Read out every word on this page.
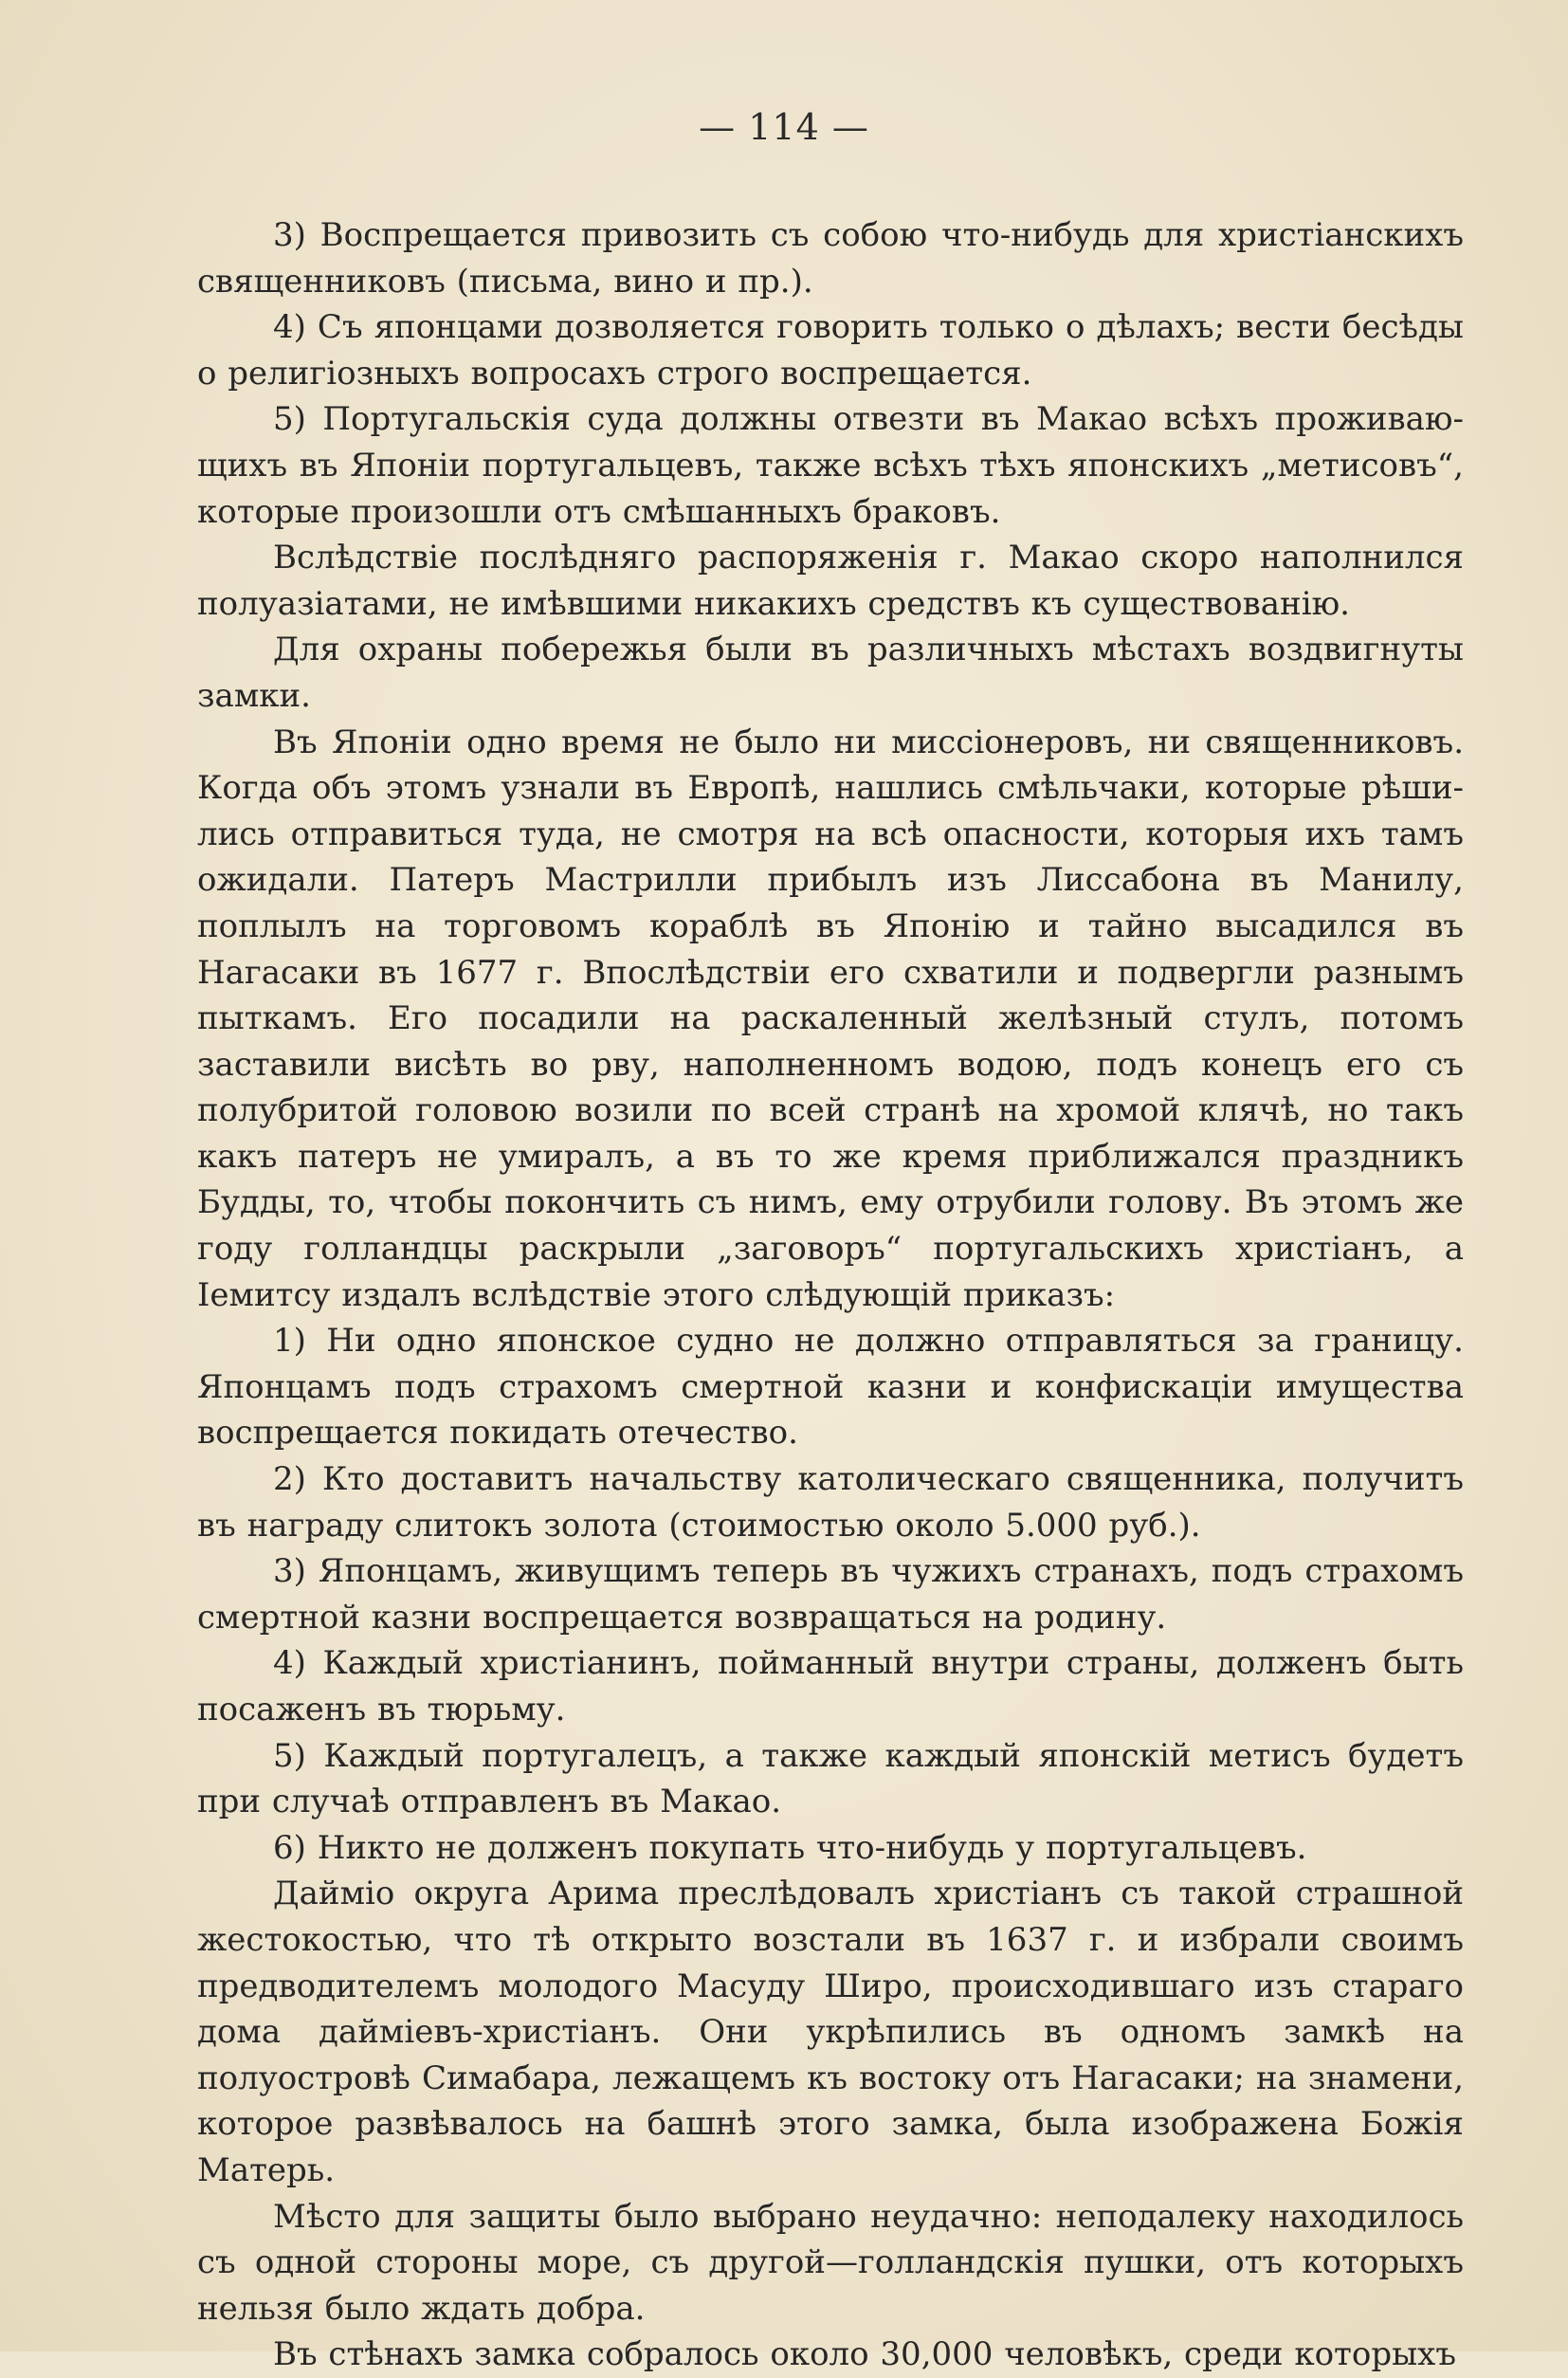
— 114 —

3) Воспрещается привозить съ собою что-нибудь для христіанскихъ священниковъ (письма, вино и пр.).

4) Съ японцами дозволяется говорить только о дѣлахъ; вести бесѣды о религіозныхъ вопросахъ строго воспрещается.

5) Португальскія суда должны отвезти въ Макао всѣхъ проживающихъ въ Японіи португальцевъ, также всѣхъ тѣхъ японскихъ „метисовъ“, которые произошли отъ смѣшанныхъ браковъ.

Вслѣдствіе послѣдняго распоряженія г. Макао скоро наполнился полуазіатами, не имѣвшими никакихъ средствъ къ существованію.

Для охраны побережья были въ различныхъ мѣстахъ воздвигнуты замки.

Въ Японіи одно время не было ни миссіонеровъ, ни священниковъ. Когда объ этомъ узнали въ Европѣ, нашлись смѣльчаки, которые рѣшились отправиться туда, не смотря на всѣ опасности, которыя ихъ тамъ ожидали. Патеръ Мастрилли прибылъ изъ Лиссабона въ Манилу, поплылъ на торговомъ кораблѣ въ Японію и тайно высадился въ Нагасаки въ 1677 г. Впослѣдствіи его схватили и подвергли разнымъ пыткамъ. Его посадили на раскаленный желѣзный стулъ, потомъ заставили висѣть во рву, наполненномъ водою, подъ конецъ его съ полубритой головою возили по всей странѣ на хромой клячѣ, но такъ какъ патеръ не умиралъ, а въ то же кремя приближался праздникъ Будды, то, чтобы покончить съ нимъ, ему отрубили голову. Въ этомъ же году голландцы раскрыли „заговоръ“ португальскихъ христіанъ, а Іемитсу издалъ вслѣдствіе этого слѣдующій приказъ:

1) Ни одно японское судно не должно отправляться за границу. Японцамъ подъ страхомъ смертной казни и конфискаціи имущества воспрещается покидать отечество.

2) Кто доставитъ начальству католическаго священника, получитъ въ награду слитокъ золота (стоимостью около 5.000 руб.).

3) Японцамъ, живущимъ теперь въ чужихъ странахъ, подъ страхомъ смертной казни воспрещается возвращаться на родину.

4) Каждый христіанинъ, пойманный внутри страны, долженъ быть посаженъ въ тюрьму.

5) Каждый португалецъ, а также каждый японскій метисъ будетъ при случаѣ отправленъ въ Макао.

6) Никто не долженъ покупать что-нибудь у португальцевъ.

Дайміо округа Арима преслѣдовалъ христіанъ съ такой страшной жестокостью, что тѣ открыто возстали въ 1637 г. и избрали своимъ предводителемъ молодого Масуду Широ, происходившаго изъ стараго дома дайміевъ-христіанъ. Они укрѣпились въ одномъ замкѣ на полуостровѣ Симабара, лежащемъ къ востоку отъ Нагасаки; на знамени, которое развѣвалось на башнѣ этого замка, была изображена Божія Матерь.

Мѣсто для защиты было выбрано неудачно: неподалеку находилось съ одной стороны море, съ другой—голландскія пушки, отъ которыхъ нельзя было ждать добра.

Въ стѣнахъ замка собралось около 30,000 человѣкъ, среди которыхъ
